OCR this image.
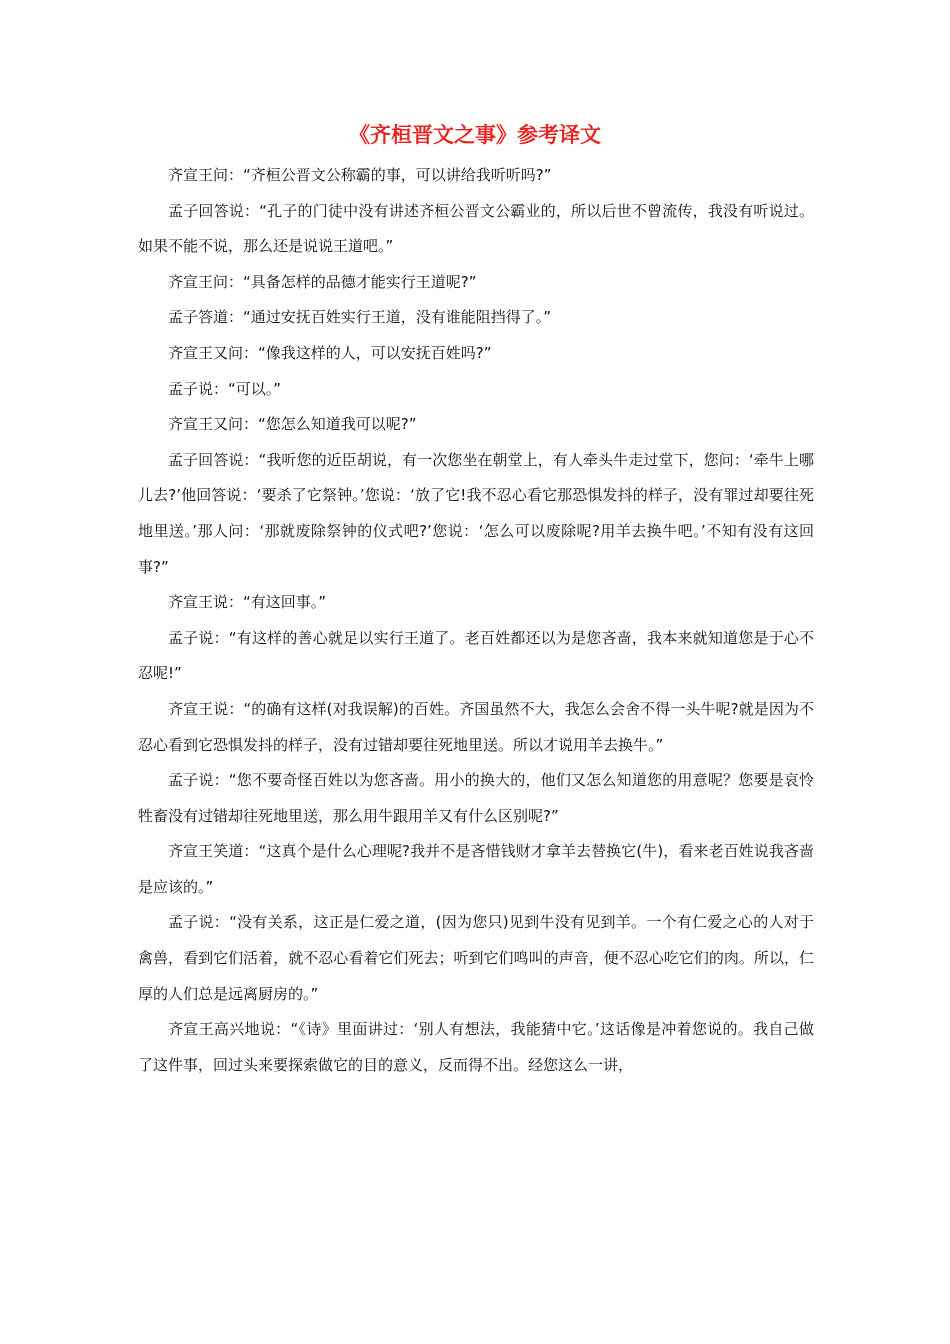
《齐桓晋文之事》参考译文

齐宣王问：“齐桓公晋文公称霸的事，可以讲给我听听吗?”

孟子回答说：“孔子的门徒中没有讲述齐桓公晋文公霸业的，所以后世不曾流传，我没有听说过。如果不能不说，那么还是说说王道吧。”

齐宣王问：“具备怎样的品德才能实行王道呢?”

孟子答道：“通过安抚百姓实行王道，没有谁能阻挡得了。”

齐宣王又问：“像我这样的人，可以安抚百姓吗?”

孟子说：“可以。”

齐宣王又问：“您怎么知道我可以呢?”

孟子回答说：“我听您的近臣胡说，有一次您坐在朝堂上，有人牵头牛走过堂下，您问：‘牵牛上哪儿去?’他回答说：‘要杀了它祭钟。’您说：‘放了它!我不忍心看它那恐惧发抖的样子，没有罪过却要往死地里送。’那人问：‘那就废除祭钟的仪式吧?’您说：‘怎么可以废除呢?用羊去换牛吧。’不知有没有这回事?”

齐宣王说：“有这回事。”

孟子说：“有这样的善心就足以实行王道了。老百姓都还以为是您吝啬，我本来就知道您是于心不忍呢!”

齐宣王说：“的确有这样(对我误解)的百姓。齐国虽然不大，我怎么会舍不得一头牛呢?就是因为不忍心看到它恐惧发抖的样子，没有过错却要往死地里送。所以才说用羊去换牛。”

孟子说：“您不要奇怪百姓以为您吝啬。用小的换大的，他们又怎么知道您的用意呢？您要是哀怜牲畜没有过错却往死地里送，那么用牛跟用羊又有什么区别呢?”

齐宣王笑道：“这真个是什么心理呢?我并不是吝惜钱财才拿羊去替换它(牛)，看来老百姓说我吝啬是应该的。”

孟子说：“没有关系，这正是仁爱之道，(因为您只)见到牛没有见到羊。一个有仁爱之心的人对于禽兽，看到它们活着，就不忍心看着它们死去；听到它们鸣叫的声音，便不忍心吃它们的肉。所以，仁厚的人们总是远离厨房的。”

齐宣王高兴地说：“《诗》里面讲过：‘别人有想法，我能猜中它。’这话像是冲着您说的。我自己做了这件事，回过头来要探索做它的目的意义，反而得不出。经您这么一讲，
